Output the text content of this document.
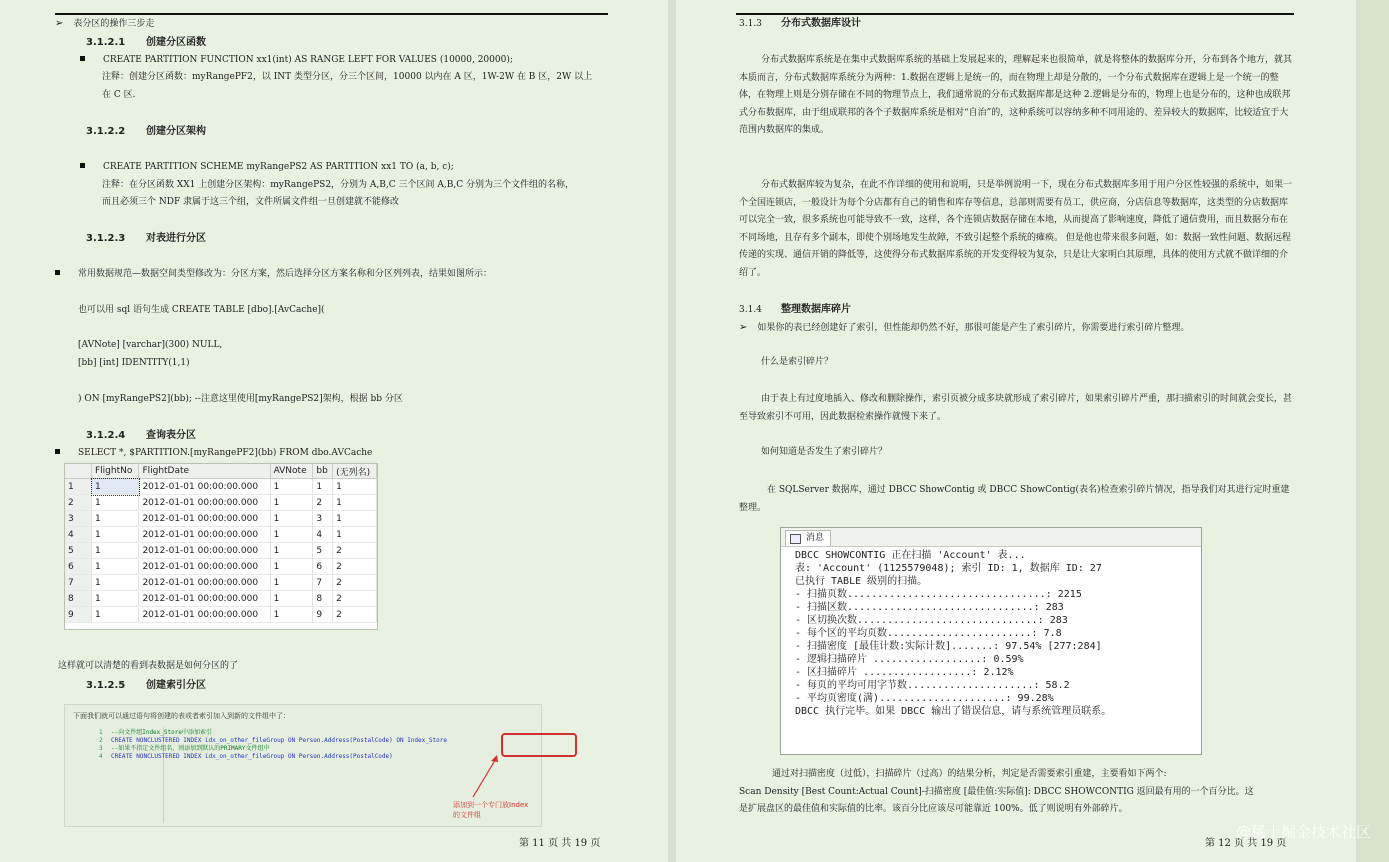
➢ 表分区的操作三步走
3.1.2.1 创建分区函数
CREATE PARTITION FUNCTION xx1(int) AS RANGE LEFT FOR VALUES (10000, 20000);
注释：创建分区函数：myRangePF2，以 INT 类型分区，分三个区间，10000 以内在 A 区，1W-2W 在 B 区，2W 以上
在 C 区.
3.1.2.2 创建分区架构
CREATE PARTITION SCHEME myRangePS2 AS PARTITION xx1 TO (a, b, c);
注释：在分区函数 XX1 上创建分区架构：myRangePS2，分别为 A,B,C 三个区间 A,B,C 分别为三个文件组的名称，
而且必须三个 NDF 隶属于这三个组，文件所属文件组一旦创建就不能修改
3.1.2.3 对表进行分区
常用数据规范—数据空间类型修改为：分区方案，然后选择分区方案名称和分区列列表，结果如图所示：
也可以用 sql 语句生成 CREATE TABLE [dbo].[AvCache](
[AVNote] [varchar](300) NULL,
[bb] [int] IDENTITY(1,1)
) ON [myRangePS2](bb); --注意这里使用[myRangePS2]架构，根据 bb 分区
3.1.2.4 查询表分区
SELECT *, $PARTITION.[myRangePF2](bb) FROM dbo.AVCache
	FlightNo	FlightDate	AVNote	bb	(无列名)
1	1	2012-01-01 00:00:00.000	1	1	1
2	1	2012-01-01 00:00:00.000	1	2	1
3	1	2012-01-01 00:00:00.000	1	3	1
4	1	2012-01-01 00:00:00.000	1	4	1
5	1	2012-01-01 00:00:00.000	1	5	2
6	1	2012-01-01 00:00:00.000	1	6	2
7	1	2012-01-01 00:00:00.000	1	7	2
8	1	2012-01-01 00:00:00.000	1	8	2
9	1	2012-01-01 00:00:00.000	1	9	2
这样就可以清楚的看到表数据是如何分区的了
3.1.2.5 创建索引分区
下面我们就可以通过语句将创建的表或者索引加入到新的文件组中了：
1 --向文件组Index_Store中添加索引
2 CREATE NONCLUSTERED INDEX idx_on_other_fileGroup ON Person.Address(PostalCode) ON Index_Store
3 --如果不指定文件组名，则添加到默认的PRIMARY文件组中
4 CREATE NONCLUSTERED INDEX idx_on_other_fileGroup ON Person.Address(PostalCode)
添加到一个专门放Index
的文件组
第 11 页 共 19 页
3.1.3 分布式数据库设计
分布式数据库系统是在集中式数据库系统的基础上发展起来的，理解起来也很简单，就是将整体的数据库分开，分布到各个地方，就其本质而言，分布式数据库系统分为两种：1.数据在逻辑上是统一的，而在物理上却是分散的，一个分布式数据库在逻辑上是一个统一的整体，在物理上则是分别存储在不同的物理节点上，我们通常说的分布式数据库都是这种 2.逻辑是分布的，物理上也是分布的，这种也成联邦式分布数据库，由于组成联邦的各个子数据库系统是相对“自治”的，这种系统可以容纳多种不同用途的、差异较大的数据库，比较适宜于大范围内数据库的集成。
分布式数据库较为复杂，在此不作详细的使用和说明，只是举例说明一下，现在分布式数据库多用于用户分区性较强的系统中，如果一个全国连锁店，一般设计为每个分店都有自己的销售和库存等信息，总部则需要有员工，供应商，分店信息等数据库，这类型的分店数据库可以完全一致，很多系统也可能导致不一致，这样，各个连锁店数据存储在本地，从而提高了影响速度，降低了通信费用，而且数据分布在不同场地，且存有多个副本，即使个别场地发生故障，不致引起整个系统的瘫痪。 但是他也带来很多问题，如：数据一致性问题、数据远程传递的实现、通信开销的降低等，这使得分布式数据库系统的开发变得较为复杂，只是让大家明白其原理，具体的使用方式就不做详细的介绍了。
3.1.4 整理数据库碎片
➢ 如果你的表已经创建好了索引，但性能却仍然不好，那很可能是产生了索引碎片，你需要进行索引碎片整理。
什么是索引碎片？
由于表上有过度地插入、修改和删除操作，索引页被分成多块就形成了索引碎片，如果索引碎片严重，那扫描索引的时间就会变长，甚至导致索引不可用，因此数据检索操作就慢下来了。
如何知道是否发生了索引碎片？
在 SQLServer 数据库，通过 DBCC ShowContig 或 DBCC ShowContig(表名)检查索引碎片情况，指导我们对其进行定时重建整理。
通过对扫描密度（过低），扫描碎片（过高）的结果分析，判定是否需要索引重建，主要看如下两个:
Scan Density [Best Count:Actual Count]-扫描密度 [最佳值:实际值]: DBCC SHOWCONTIG 返回最有用的一个百分比。这
是扩展盘区的最佳值和实际值的比率。该百分比应该尽可能靠近 100%。低了则说明有外部碎片。
第 12 页 共 19 页
消息
DBCC SHOWCONTIG 正在扫描 'Account' 表...
表: 'Account' (1125579048); 索引 ID: 1, 数据库 ID: 27
已执行 TABLE 级别的扫描。
- 扫描页数.................................: 2215
- 扫描区数...............................: 283
- 区切换次数..............................: 283
- 每个区的平均页数........................: 7.8
- 扫描密度 [最佳计数:实际计数].......: 97.54% [277:284]
- 逻辑扫描碎片 ..................: 0.59%
- 区扫描碎片 ..................: 2.12%
- 每页的平均可用字节数.....................: 58.2
- 平均页密度(满).....................: 99.28%
DBCC 执行完毕。如果 DBCC 输出了错误信息，请与系统管理员联系。
@稀土掘金技术社区
